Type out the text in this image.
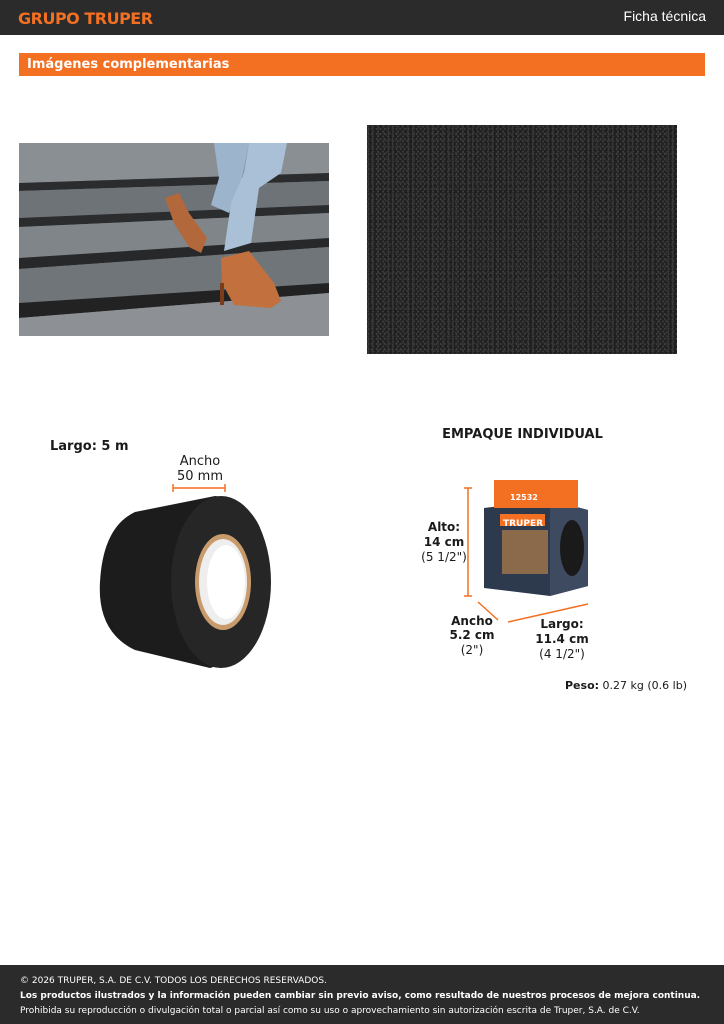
GRUPO TRUPER	Ficha técnica
Imágenes complementarias
Largo: 5 m
Ancho
50 mm
EMPAQUE INDIVIDUAL
12532
TRUPER
Alto:
14 cm
(5 1/2")
Ancho
5.2 cm
(2")
Largo:
11.4 cm
(4 1/2")
Peso: 0.27 kg (0.6 lb)
© 2026 TRUPER, S.A. DE C.V. TODOS LOS DERECHOS RESERVADOS.
Los productos ilustrados y la información pueden cambiar sin previo aviso, como resultado de nuestros procesos de mejora continua.
Prohibida su reproducción o divulgación total o parcial así como su uso o aprovechamiento sin autorización escrita de Truper, S.A. de C.V.
